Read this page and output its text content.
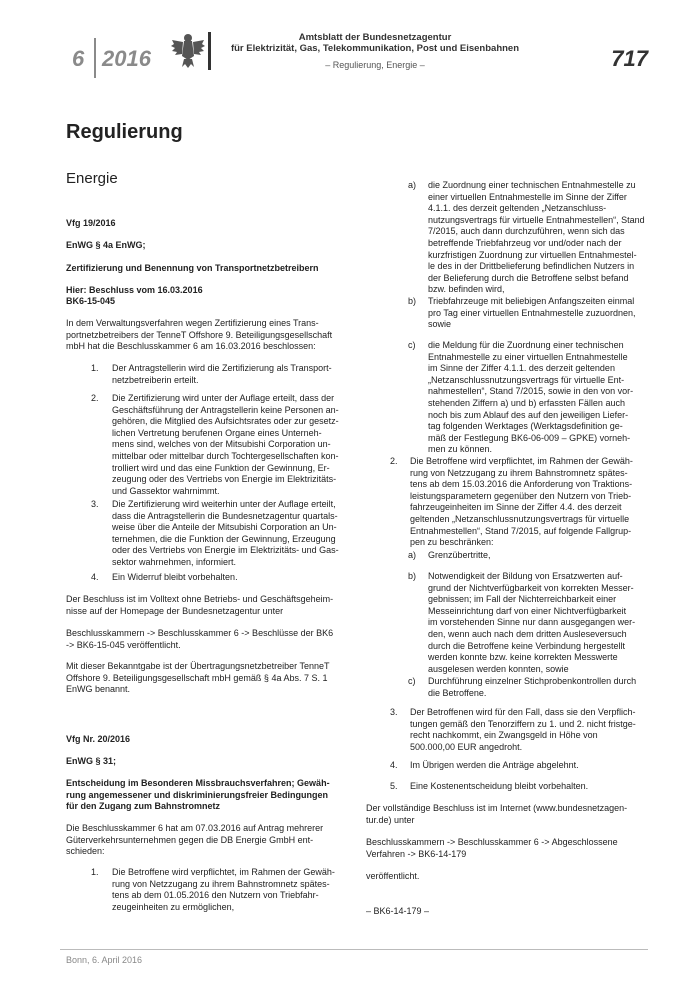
6 2016
Amtsblatt der Bundesnetzagentur
für Elektrizität, Gas, Telekommunikation, Post und Eisenbahnen
– Regulierung, Energie –	717
Regulierung
Energie
Vfg 19/2016
EnWG § 4a EnWG;
Zertifizierung und Benennung von Transportnetzbetreibern
Hier: Beschluss vom 16.03.2016
BK6-15-045
In dem Verwaltungsverfahren wegen Zertifizierung eines Trans-
portnetzbetreibers der TenneT Offshore 9. Beteiligungsgesellschaft
mbH hat die Beschlusskammer 6 am 16.03.2016 beschlossen:
1. Der Antragstellerin wird die Zertifizierung als Transport-
netzbetreiberin erteilt.
2. Die Zertifizierung wird unter der Auflage erteilt, dass der
Geschäftsführung der Antragstellerin keine Personen an-
gehören, die Mitglied des Aufsichtsrates oder zur gesetz-
lichen Vertretung berufenen Organe eines Unterneh-
mens sind, welches von der Mitsubishi Corporation un-
mittelbar oder mittelbar durch Tochtergesellschaften kon-
trolliert wird und das eine Funktion der Gewinnung, Er-
zeugung oder des Vertriebs von Energie im Elektrizitäts-
und Gassektor wahrnimmt.
3. Die Zertifizierung wird weiterhin unter der Auflage erteilt,
dass die Antragstellerin die Bundesnetzagentur quartals-
weise über die Anteile der Mitsubishi Corporation an Un-
ternehmen, die die Funktion der Gewinnung, Erzeugung
oder des Vertriebs von Energie im Elektrizitäts- und Gas-
sektor wahrnehmen, informiert.
4. Ein Widerruf bleibt vorbehalten.
Der Beschluss ist im Volltext ohne Betriebs- und Geschäftsgeheim-
nisse auf der Homepage der Bundesnetzagentur unter
Beschlusskammern -> Beschlusskammer 6 -> Beschlüsse der BK6
-> BK6-15-045 veröffentlicht.
Mit dieser Bekanntgabe ist der Übertragungsnetzbetreiber TenneT
Offshore 9. Beteiligungsgesellschaft mbH gemäß § 4a Abs. 7 S. 1
EnWG benannt.
Vfg Nr. 20/2016
EnWG § 31;
Entscheidung im Besonderen Missbrauchsverfahren; Gewäh-
rung angemessener und diskriminierungsfreier Bedingungen
für den Zugang zum Bahnstromnetz
Die Beschlusskammer 6 hat am 07.03.2016 auf Antrag mehrerer
Güterverkehrsunternehmen gegen die DB Energie GmbH ent-
schieden:
1. Die Betroffene wird verpflichtet, im Rahmen der Gewäh-
rung von Netzzugang zu ihrem Bahnstromnetz spätes-
tens ab dem 01.05.2016 den Nutzern von Triebfahr-
zeugeinheiten zu ermöglichen,
a) die Zuordnung einer technischen Entnahmestelle zu
einer virtuellen Entnahmestelle im Sinne der Ziffer
4.1.1. des derzeit geltenden „Netzanschluss-
nutzungsvertrags für virtuelle Entnahmestellen“, Stand
7/2015, auch dann durchzuführen, wenn sich das
betreffende Triebfahrzeug vor und/oder nach der
kurzfristigen Zuordnung zur virtuellen Entnahmestel-
le des in der Drittbelieferung befindlichen Nutzers in
der Belieferung durch die Betroffene selbst befand
bzw. befinden wird,
b) Triebfahrzeuge mit beliebigen Anfangszeiten einmal
pro Tag einer virtuellen Entnahmestelle zuzuordnen,
sowie
c) die Meldung für die Zuordnung einer technischen
Entnahmestelle zu einer virtuellen Entnahmestelle
im Sinne der Ziffer 4.1.1. des derzeit geltenden
„Netzanschlussnutzungsvertrags für virtuelle Ent-
nahmestellen“, Stand 7/2015, sowie in den von vor-
stehenden Ziffern a) und b) erfassten Fällen auch
noch bis zum Ablauf des auf den jeweiligen Liefer-
tag folgenden Werktages (Werktagsdefinition ge-
mäß der Festlegung BK6-06-009 – GPKE) vorneh-
men zu können.
2. Die Betroffene wird verpflichtet, im Rahmen der Gewäh-
rung von Netzzugang zu ihrem Bahnstromnetz spätes-
tens ab dem 15.03.2016 die Anforderung von Traktions-
leistungsparametern gegenüber den Nutzern von Trieb-
fahrzeugeinheiten im Sinne der Ziffer 4.4. des derzeit
geltenden „Netzanschlussnutzungsvertrags für virtuelle
Entnahmestellen“, Stand 7/2015, auf folgende Fallgrup-
pen zu beschränken:
a) Grenzübertritte,
b) Notwendigkeit der Bildung von Ersatzwerten auf-
grund der Nichtverfügbarkeit von korrekten Messer-
gebnissen; im Fall der Nichterreichbarkeit einer
Messeinrichtung darf von einer Nichtverfügbarkeit
im vorstehenden Sinne nur dann ausgegangen wer-
den, wenn auch nach dem dritten Ausleseversuch
durch die Betroffene keine Verbindung hergestellt
werden konnte bzw. keine korrekten Messwerte
ausgelesen werden konnten, sowie
c) Durchführung einzelner Stichprobenkontrollen durch
die Betroffene.
3. Der Betroffenen wird für den Fall, dass sie den Verpflich-
tungen gemäß den Tenorziffern zu 1. und 2. nicht fristge-
recht nachkommt, ein Zwangsgeld in Höhe von
500.000,00 EUR angedroht.
4. Im Übrigen werden die Anträge abgelehnt.
5. Eine Kostenentscheidung bleibt vorbehalten.
Der vollständige Beschluss ist im Internet (www.bundesnetzagen-
tur.de) unter
Beschlusskammern -> Beschlusskammer 6 -> Abgeschlossene
Verfahren -> BK6-14-179
veröffentlicht.
– BK6-14-179 –
Bonn, 6. April 2016
